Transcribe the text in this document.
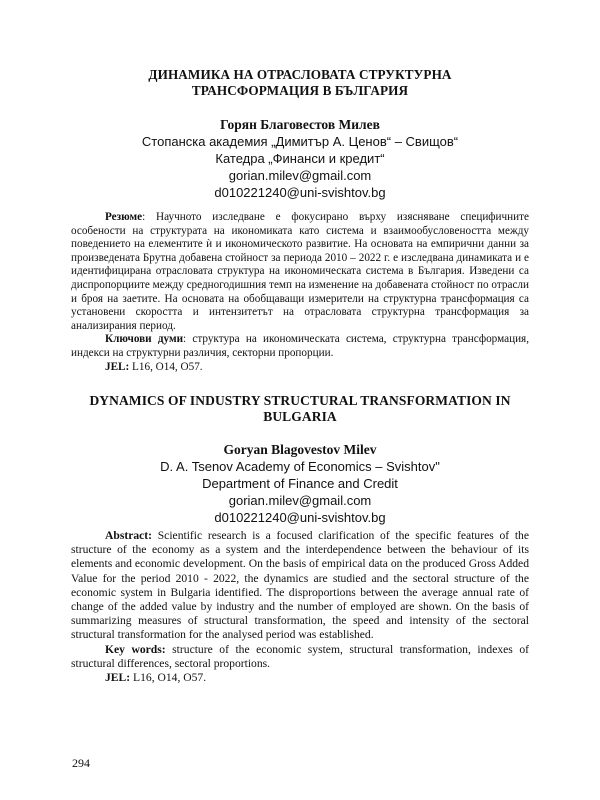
ДИНАМИКА НА ОТРАСЛОВАТА СТРУКТУРНА
ТРАНСФОРМАЦИЯ В БЪЛГАРИЯ
Горян Благовестов Милев
Стопанска академия „Димитър А. Ценов“ – Свищов“
Катедра „Финанси и кредит“
gorian.milev@gmail.com
d010221240@uni-svishtov.bg

Резюме: Научното изследване е фокусирано върху изясняване специфичните особености на структурата на икономиката като система и взаимообусловеността между поведението на елементите ѝ и икономическото развитие. На основата на емпирични данни за произведената Брутна добавена стойност за периода 2010 – 2022 г. е изследвана динамиката и е идентифицирана отрасловата структура на икономическата система в България. Изведени са диспропорциите между средногодишния темп на изменение на добавената стойност по отрасли и броя на заетите. На основата на обобщаващи измерители на структурна трансформация са установени скоростта и интензитетът на отрасловата структурна трансформация за анализирания период.

Ключови думи: структура на икономическата система, структурна трансформация, индекси на структурни различия, секторни пропорции.

JEL: L16, O14, O57.

DYNAMICS OF INDUSTRY STRUCTURAL TRANSFORMATION IN
BULGARIA
Goryan Blagovestov Milev
D. A. Tsenov Academy of Economics – Svishtov"
Department of Finance and Credit
gorian.milev@gmail.com
d010221240@uni-svishtov.bg

Abstract: Scientific research is a focused clarification of the specific features of the structure of the economy as a system and the interdependence between the behaviour of its elements and economic development. On the basis of empirical data on the produced Gross Added Value for the period 2010 - 2022, the dynamics are studied and the sectoral structure of the economic system in Bulgaria identified. The disproportions between the average annual rate of change of the added value by industry and the number of employed are shown. On the basis of summarizing measures of structural transformation, the speed and intensity of the sectoral structural transformation for the analysed period was established.

Key words: structure of the economic system, structural transformation, indexes of structural differences, sectoral proportions.

JEL: L16, O14, O57.

294
